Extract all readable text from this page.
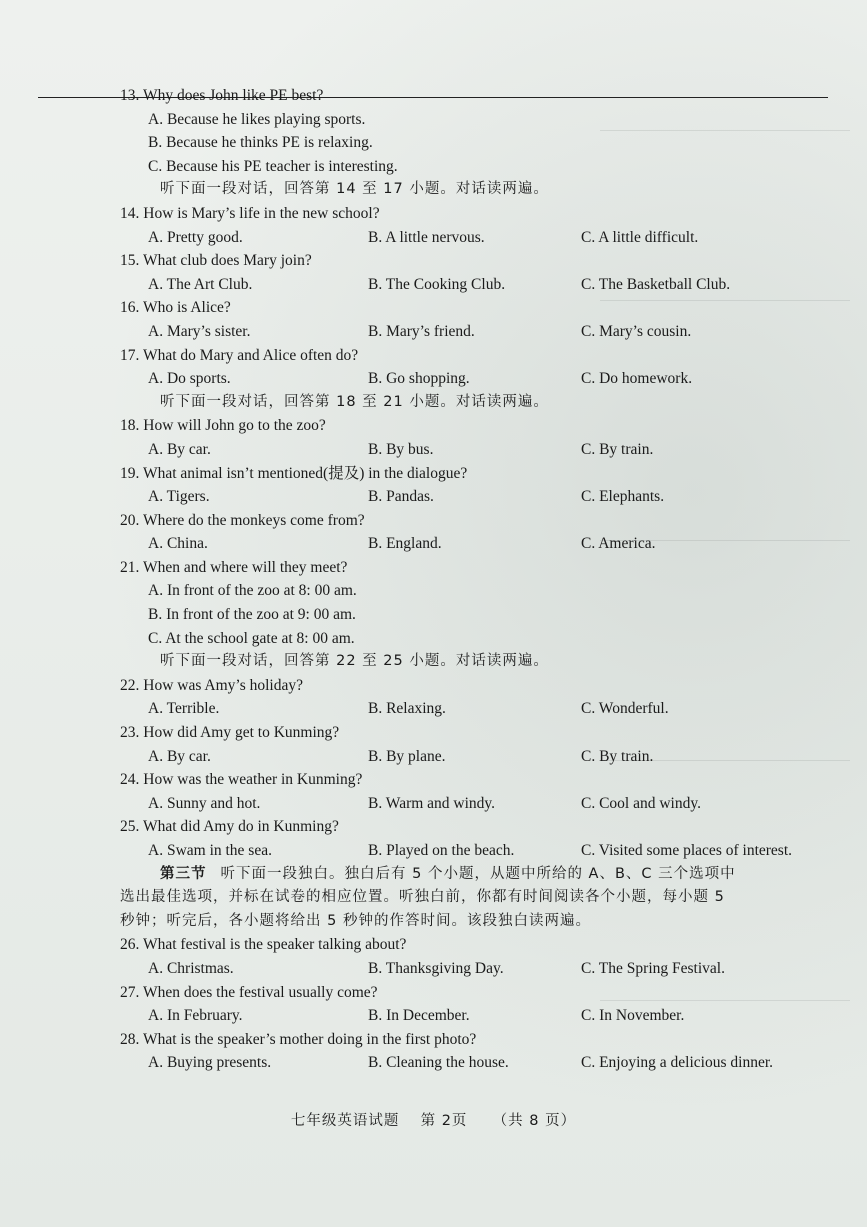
13. Why does John like PE best?
A. Because he likes playing sports.
B. Because he thinks PE is relaxing.
C. Because his PE teacher is interesting.
听下面一段对话，回答第 14 至 17 小题。对话读两遍。
14. How is Mary’s life in the new school?
A. Pretty good.	B. A little nervous.	C. A little difficult.
15. What club does Mary join?
A. The Art Club.	B. The Cooking Club.	C. The Basketball Club.
16. Who is Alice?
A. Mary’s sister.	B. Mary’s friend.	C. Mary’s cousin.
17. What do Mary and Alice often do?
A. Do sports.	B. Go shopping.	C. Do homework.
听下面一段对话，回答第 18 至 21 小题。对话读两遍。
18. How will John go to the zoo?
A. By car.	B. By bus.	C. By train.
19. What animal isn’t mentioned(提及) in the dialogue?
A. Tigers.	B. Pandas.	C. Elephants.
20. Where do the monkeys come from?
A. China.	B. England.	C. America.
21. When and where will they meet?
A. In front of the zoo at 8: 00 am.
B. In front of the zoo at 9: 00 am.
C. At the school gate at 8: 00 am.
听下面一段对话，回答第 22 至 25 小题。对话读两遍。
22. How was Amy’s holiday?
A. Terrible.	B. Relaxing.	C. Wonderful.
23. How did Amy get to Kunming?
A. By car.	B. By plane.	C. By train.
24. How was the weather in Kunming?
A. Sunny and hot.	B. Warm and windy.	C. Cool and windy.
25. What did Amy do in Kunming?
A. Swam in the sea.	B. Played on the beach.	C. Visited some places of interest.
第三节 听下面一段独白。独白后有 5 个小题，从题中所给的 A、B、C 三个选项中
选出最佳选项，并标在试卷的相应位置。听独白前，你都有时间阅读各个小题，每小题 5
秒钟；听完后，各小题将给出 5 秒钟的作答时间。该段独白读两遍。
26. What festival is the speaker talking about?
A. Christmas.	B. Thanksgiving Day.	C. The Spring Festival.
27. When does the festival usually come?
A. In February.	B. In December.	C. In November.
28. What is the speaker’s mother doing in the first photo?
A. Buying presents.	B. Cleaning the house.	C. Enjoying a delicious dinner.
七年级英语试题 第 2页 （共 8 页）
